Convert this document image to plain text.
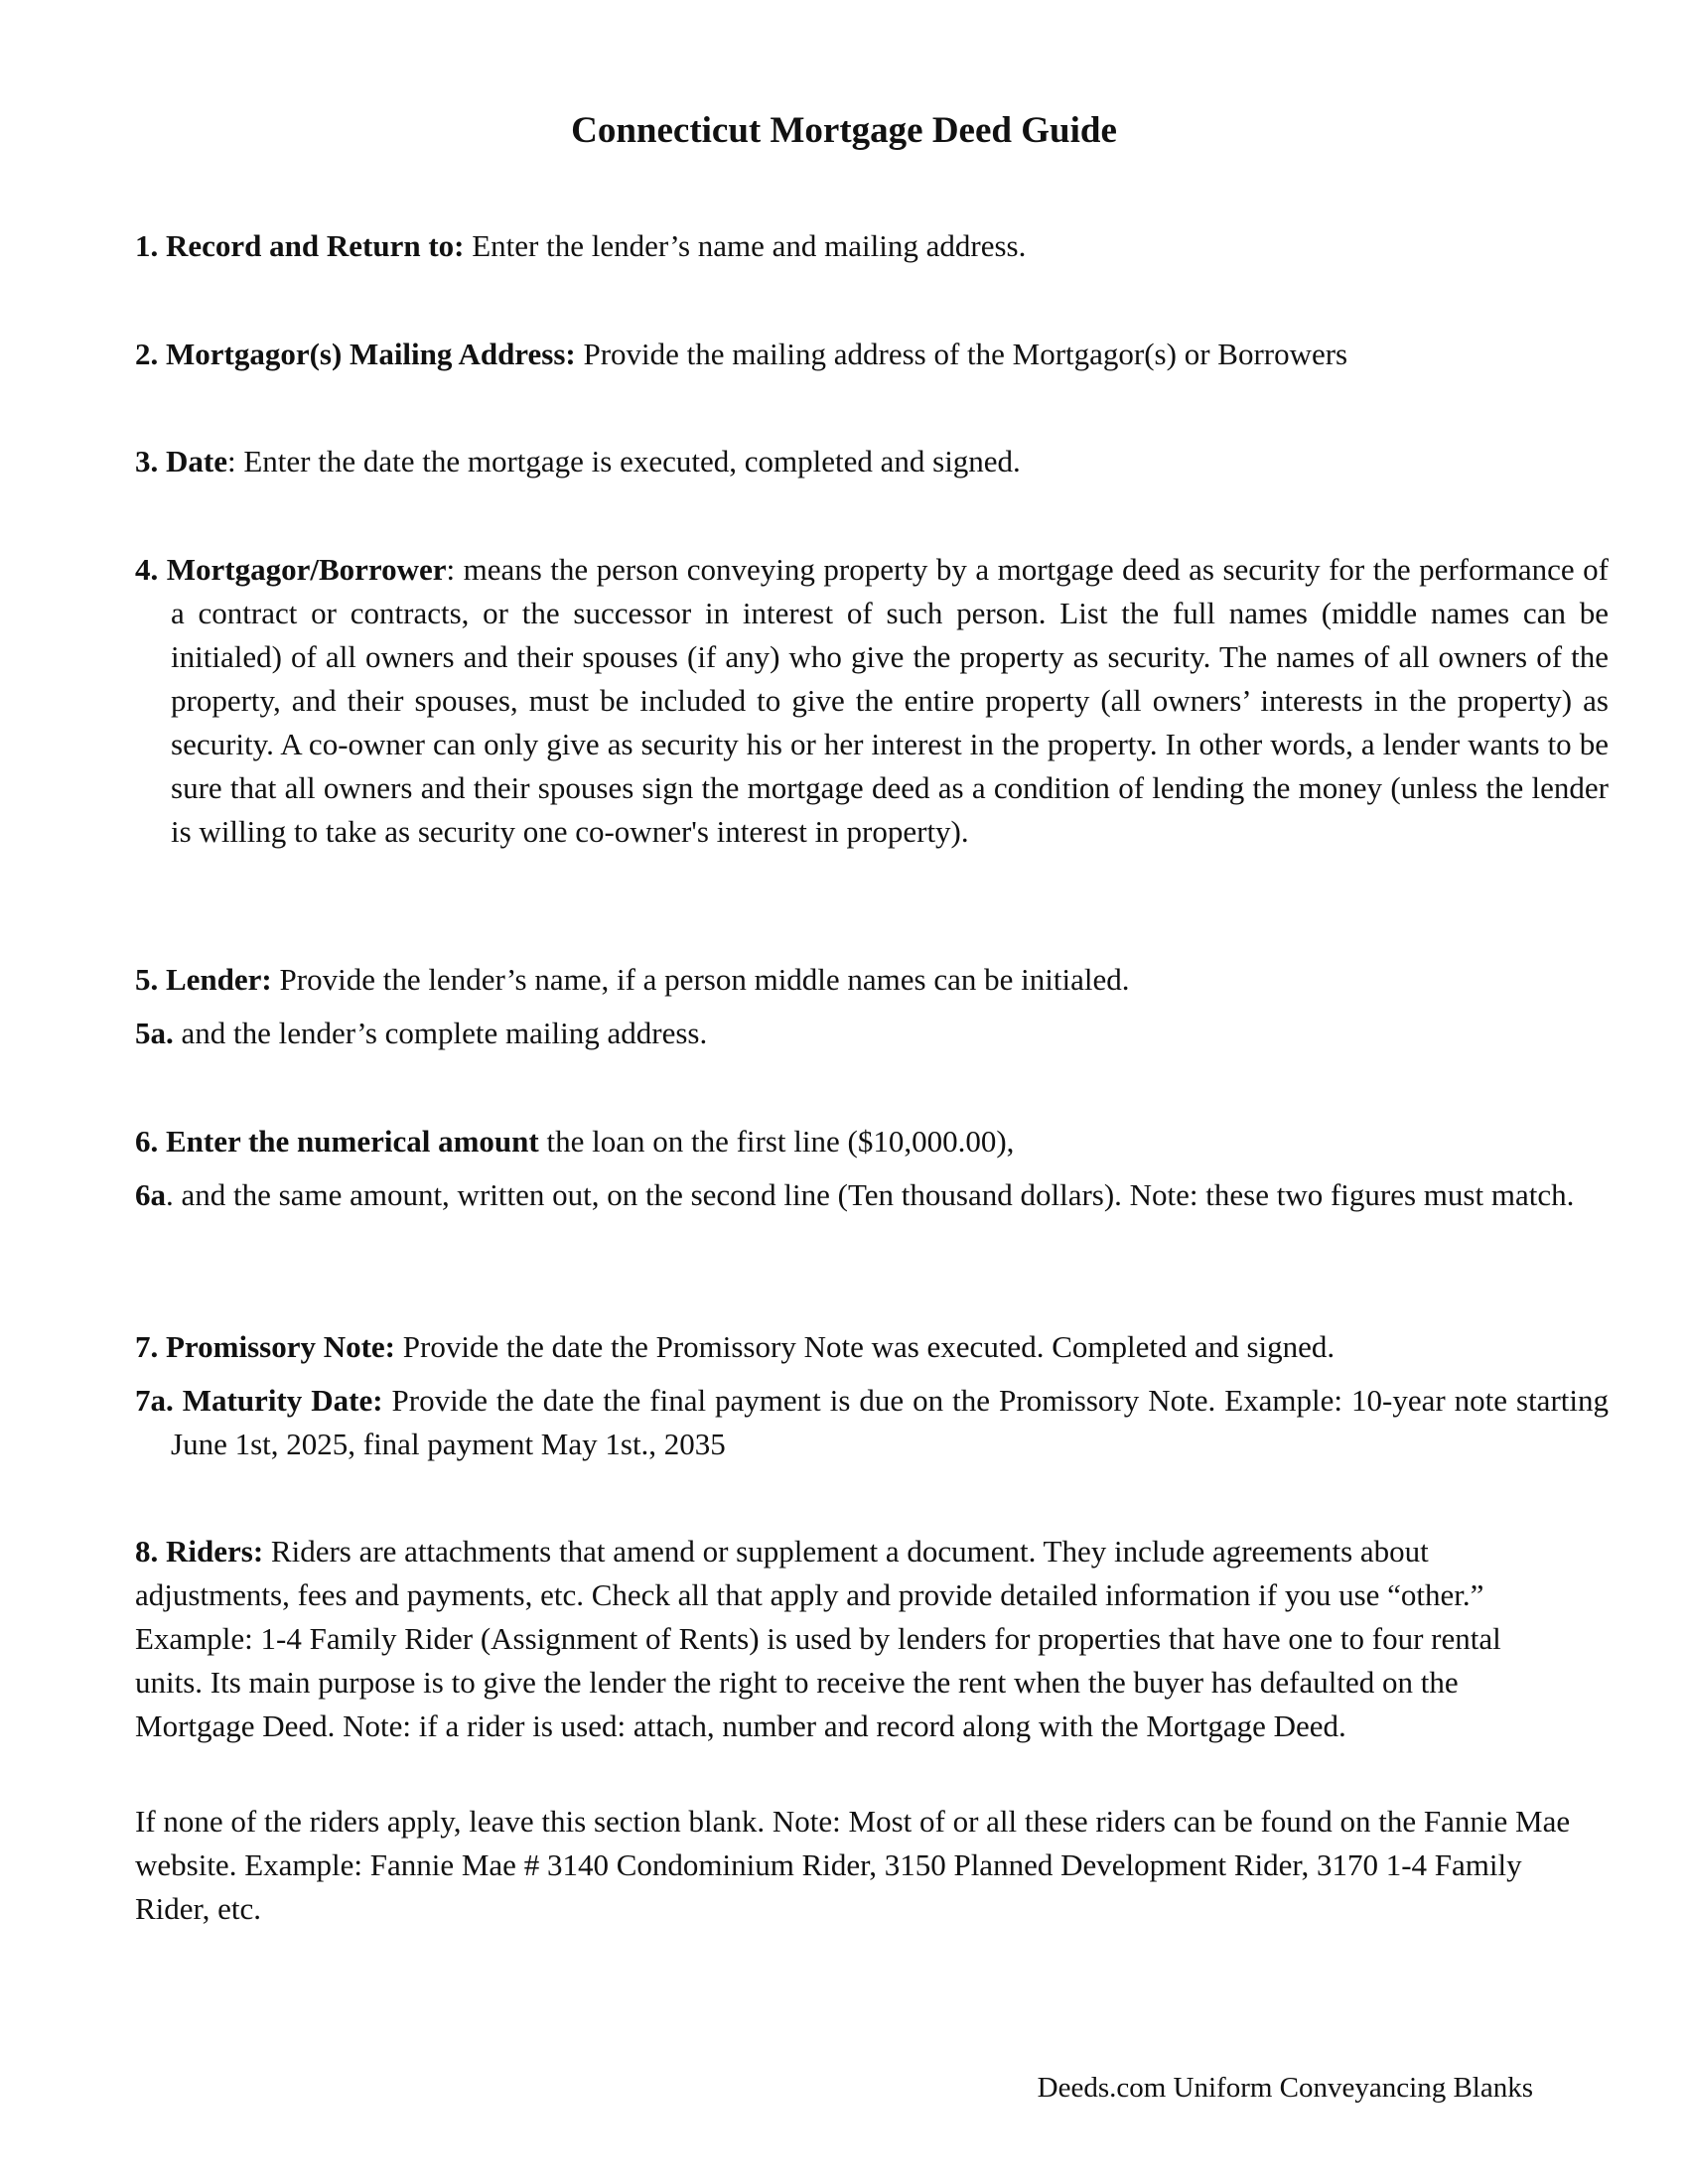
Connecticut Mortgage Deed Guide

1. Record and Return to: Enter the lender’s name and mailing address.

2. Mortgagor(s) Mailing Address: Provide the mailing address of the Mortgagor(s) or Borrowers

3. Date: Enter the date the mortgage is executed, completed and signed.

4. Mortgagor/Borrower: means the person conveying property by a mortgage deed as security for the performance of a contract or contracts, or the successor in interest of such person. List the full names (middle names can be initialed) of all owners and their spouses (if any) who give the property as security. The names of all owners of the property, and their spouses, must be included to give the entire property (all owners’ interests in the property) as security. A co-owner can only give as security his or her interest in the property. In other words, a lender wants to be sure that all owners and their spouses sign the mortgage deed as a condition of lending the money (unless the lender is willing to take as security one co-owner's interest in property).

5. Lender: Provide the lender’s name, if a person middle names can be initialed.

5a. and the lender’s complete mailing address.

6. Enter the numerical amount the loan on the first line ($10,000.00),

6a. and the same amount, written out, on the second line (Ten thousand dollars). Note: these two figures must match.

7. Promissory Note: Provide the date the Promissory Note was executed. Completed and signed.

7a. Maturity Date: Provide the date the final payment is due on the Promissory Note. Example: 10-year note starting June 1st, 2025, final payment May 1st., 2035

8. Riders: Riders are attachments that amend or supplement a document. They include agreements about adjustments, fees and payments, etc. Check all that apply and provide detailed information if you use “other.” Example: 1-4 Family Rider (Assignment of Rents) is used by lenders for properties that have one to four rental units. Its main purpose is to give the lender the right to receive the rent when the buyer has defaulted on the Mortgage Deed. Note: if a rider is used: attach, number and record along with the Mortgage Deed.

If none of the riders apply, leave this section blank. Note: Most of or all these riders can be found on the Fannie Mae website. Example: Fannie Mae # 3140 Condominium Rider, 3150 Planned Development Rider, 3170 1-4 Family Rider, etc.

Deeds.com Uniform Conveyancing Blanks
